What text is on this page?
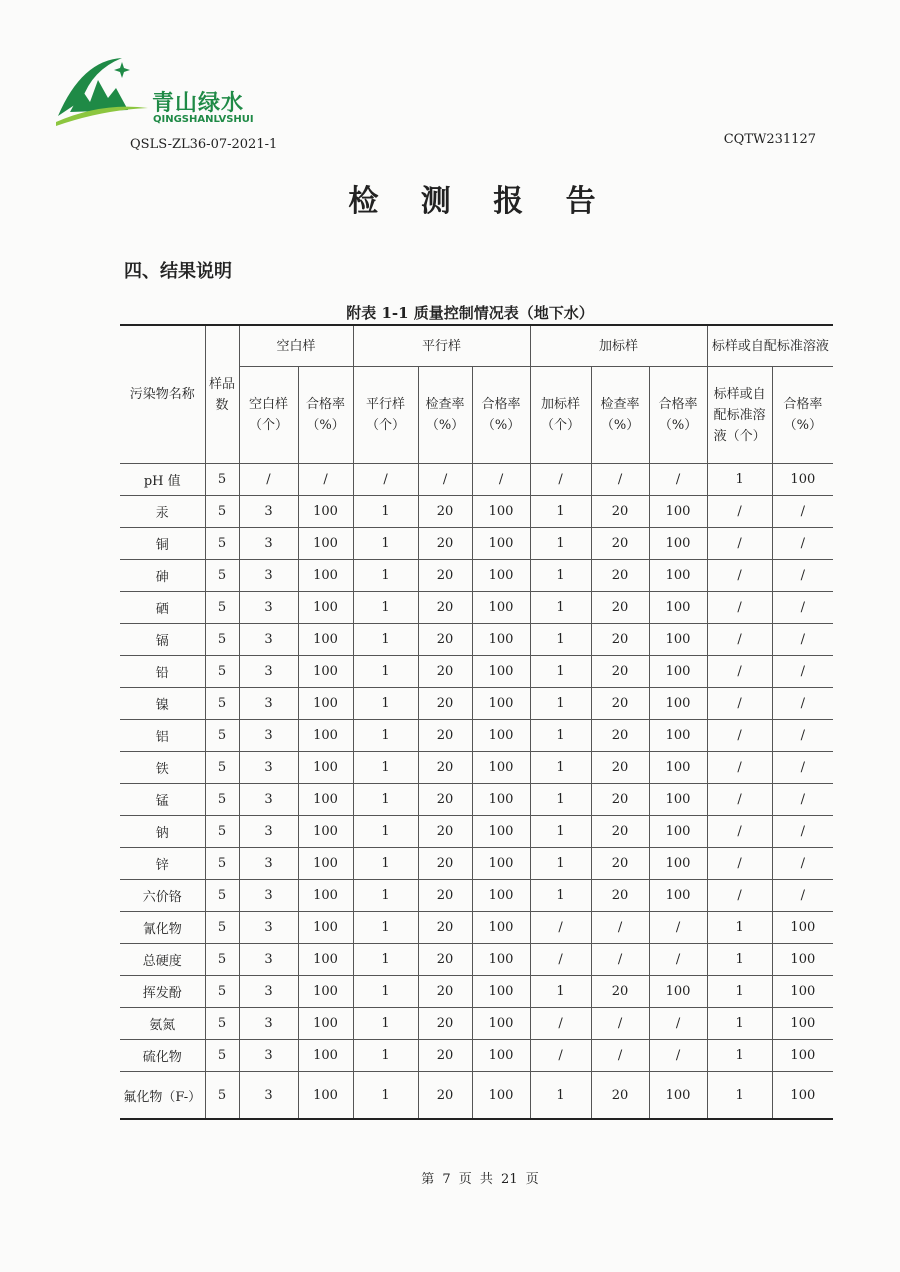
青山绿水
QINGSHANLVSHUI
QSLS-ZL36-07-2021-1	CQTW231127
检 测 报 告
四、结果说明
附表 1-1 质量控制情况表（地下水）
污染物名称	样品数	空白样		平行样			加标样			标样或自配标准溶液	
		空白样（个）	合格率（%）	平行样（个）	检查率（%）	合格率（%）	加标样（个）	检查率（%）	合格率（%）	标样或自配标准溶液（个）	合格率（%）
pH 值	5	/	/	/	/	/	/	/	/	1	100
汞	5	3	100	1	20	100	1	20	100	/	/
铜	5	3	100	1	20	100	1	20	100	/	/
砷	5	3	100	1	20	100	1	20	100	/	/
硒	5	3	100	1	20	100	1	20	100	/	/
镉	5	3	100	1	20	100	1	20	100	/	/
铅	5	3	100	1	20	100	1	20	100	/	/
镍	5	3	100	1	20	100	1	20	100	/	/
铝	5	3	100	1	20	100	1	20	100	/	/
铁	5	3	100	1	20	100	1	20	100	/	/
锰	5	3	100	1	20	100	1	20	100	/	/
钠	5	3	100	1	20	100	1	20	100	/	/
锌	5	3	100	1	20	100	1	20	100	/	/
六价铬	5	3	100	1	20	100	1	20	100	/	/
氰化物	5	3	100	1	20	100	/	/	/	1	100
总硬度	5	3	100	1	20	100	/	/	/	1	100
挥发酚	5	3	100	1	20	100	1	20	100	1	100
氨氮	5	3	100	1	20	100	/	/	/	1	100
硫化物	5	3	100	1	20	100	/	/	/	1	100
氟化物（F-）	5	3	100	1	20	100	1	20	100	1	100
第 7 页 共 21 页
